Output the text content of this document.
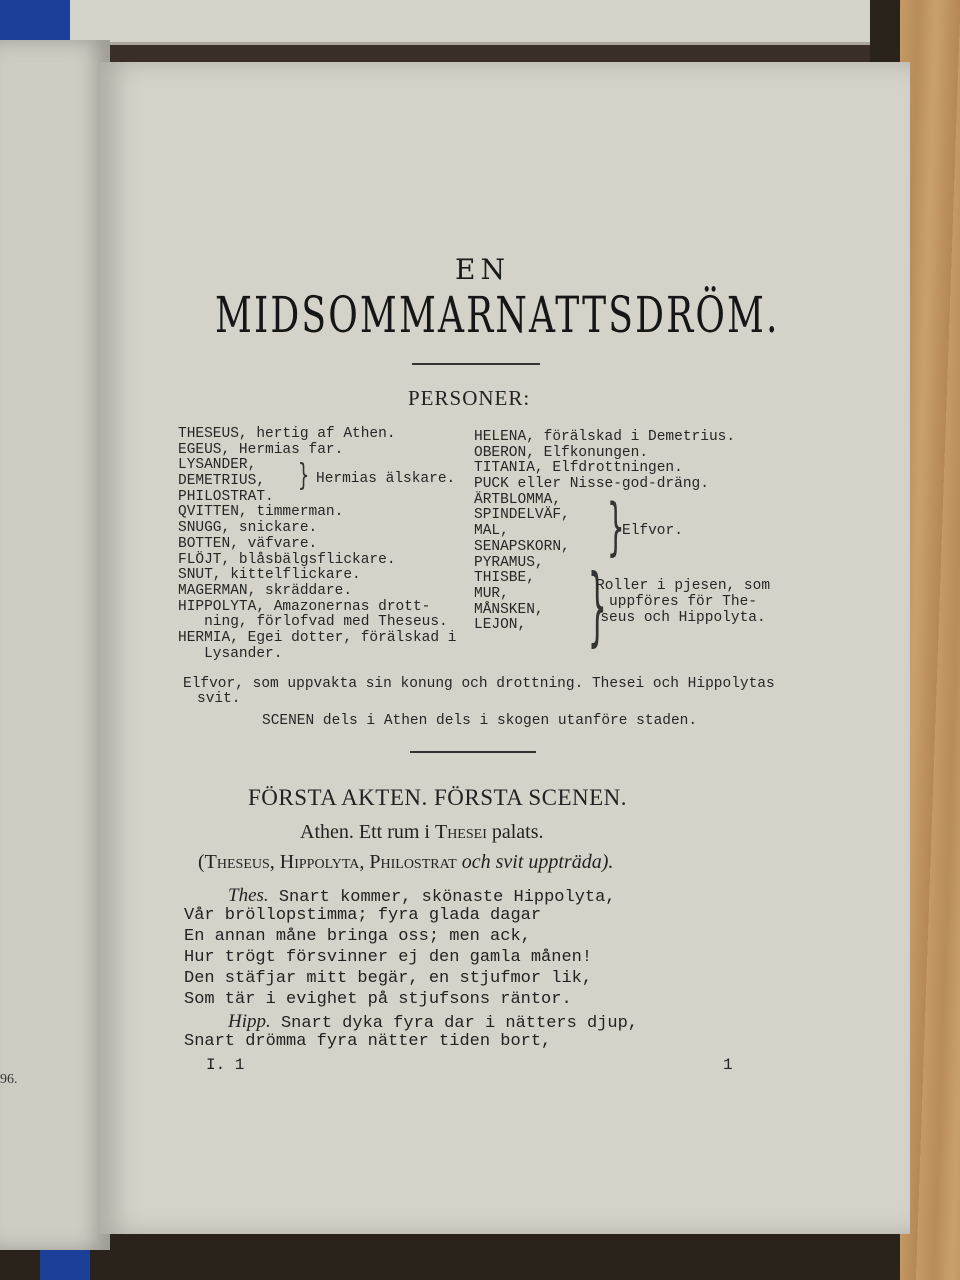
96.
EN
MIDSOMMARNATTSDRÖM.
PERSONER:
THESEUS, hertig af Athen.
EGEUS, Hermias far.
LYSANDER,
DEMETRIUS,
PHILOSTRAT.
QVITTEN, timmerman.
SNUGG, snickare.
BOTTEN, väfvare.
FLÖJT, blåsbälgsflickare.
SNUT, kittelflickare.
MAGERMAN, skräddare.
HIPPOLYTA, Amazonernas drott-
ning, förlofvad med Theseus.
HERMIA, Egei dotter, förälskad i
Lysander.
} Hermias älskare.
HELENA, förälskad i Demetrius.
OBERON, Elfkonungen.
TITANIA, Elfdrottningen.
PUCK eller Nisse-god-dräng.
ÄRTBLOMMA,
SPINDELVÄF,
MAL,
SENAPSKORN,
PYRAMUS,
THISBE,
MUR,
MÅNSKEN,
LEJON,
}
Elfvor.
}
Roller i pjesen, som
uppföres för The-
seus och Hippolyta.
Elfvor, som uppvakta sin konung och drottning. Thesei och Hippolytas
svit.
SCENEN dels i Athen dels i skogen utanföre staden.
FÖRSTA AKTEN. FÖRSTA SCENEN.
Athen. Ett rum i Thesei palats.
(Theseus, Hippolyta, Philostrat och svit uppträda).
Thes. Snart kommer, skönaste Hippolyta,
Vår bröllopstimma; fyra glada dagar
En annan måne bringa oss; men ack,
Hur trögt försvinner ej den gamla månen!
Den stäfjar mitt begär, en stjufmor lik,
Som tär i evighet på stjufsons räntor.
Hipp. Snart dyka fyra dar i nätters djup,
Snart drömma fyra nätter tiden bort,
I. 1	1
